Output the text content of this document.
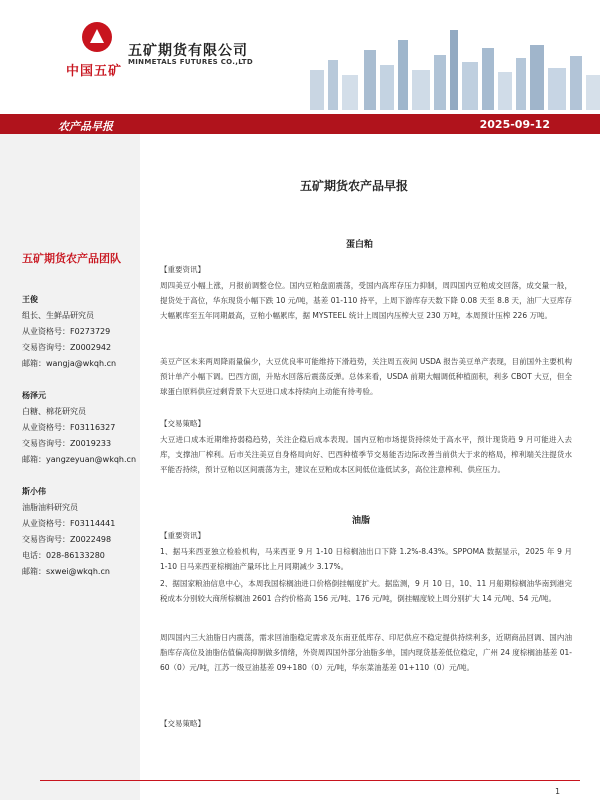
中国五矿
五矿期货有限公司
MINMETALS FUTURES CO.,LTD
农产品早报	2025-09-12
五矿期货农产品团队
王俊
组长、生鲜品研究员
从业资格号：F0273729
交易咨询号：Z0002942
邮箱：wangja@wkqh.cn
杨泽元
白糖、棉花研究员
从业资格号：F03116327
交易咨询号：Z0019233
邮箱：yangzeyuan@wkqh.cn
斯小伟
油脂油料研究员
从业资格号：F03114441
交易咨询号：Z0022498
电话：028-86133280
邮箱：sxwei@wkqh.cn
五矿期货农产品早报
蛋白粕
【重要资讯】
周四美豆小幅上涨，月报前调整仓位。国内豆粕盘面震荡，受国内高库存压力抑制，周四国内豆粕成交回落，成交量一般，提货处于高位，华东现货小幅下跌 10 元/吨，基差 01-110 持平，上周下游库存天数下降 0.08 天至 8.8 天，油厂大豆库存大幅累库至五年同期最高，豆粕小幅累库，据 MYSTEEL 统计上周国内压榨大豆 230 万吨，本周预计压榨 226 万吨。
美豆产区未来两周降雨量偏少，大豆优良率可能维持下滑趋势，关注周五夜间 USDA 报告美豆单产表现，目前国外主要机构预计单产小幅下调。巴西方面，升贴水回落后震荡反弹。总体来看，USDA 前期大幅调低种植面积，利多 CBOT 大豆，但全球蛋白原料供应过剩背景下大豆进口成本持续向上动能有待考验。
【交易策略】
大豆进口成本近期维持弱稳趋势，关注企稳后成本表现。国内豆粕市场提货持续处于高水平，预计现货趋 9 月可能进入去库，支撑油厂榨利。后市关注美豆自身格局向好、巴西种植季节交易能否边际改善当前供大于求的格局，榨利端关注提货水平能否持续，预计豆粕以区间震荡为主，建议在豆粕成本区间低位逢低试多，高位注意榨利、供应压力。
油脂
【重要资讯】
1、据马来西亚独立检验机构，马来西亚 9 月 1-10 日棕榈油出口下降 1.2%-8.43%。SPPOMA 数据显示，2025 年 9 月 1-10 日马来西亚棕榈油产量环比上月同期减少 3.17%。
2、据国家粮油信息中心，本周我国棕榈油进口价格倒挂幅度扩大。据监测，9 月 10 日，10、11 月船期棕榈油华南到港完税成本分别较大商所棕榈油 2601 合约价格高 156 元/吨、176 元/吨，倒挂幅度较上周分别扩大 14 元/吨、54 元/吨。
周四国内三大油脂日内震荡，需求回油脂稳定需求及东南亚低库存、印尼供应不稳定提供持续利多，近期商品回调、国内油脂库存高位及油脂估值偏高抑制做多情绪，外资周四国外部分油脂多单，国内现货基差低位稳定，广州 24 度棕榈油基差 01-60（0）元/吨，江苏一级豆油基差 09+180（0）元/吨，华东菜油基差 01+110（0）元/吨。
【交易策略】
1
